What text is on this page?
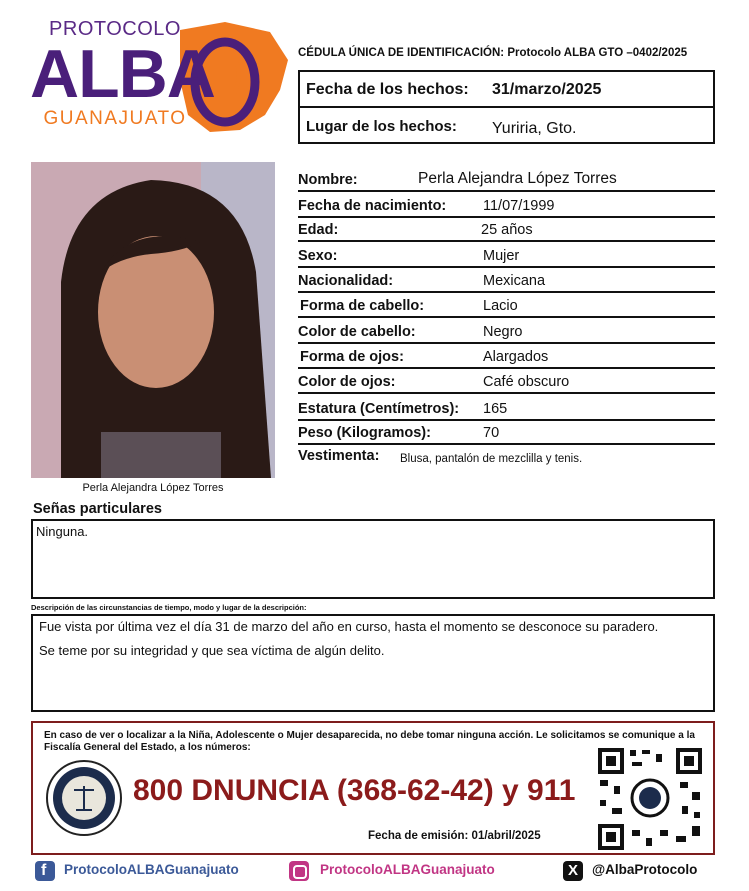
PROTOCOLO
ALBA
GUANAJUATO
CÉDULA ÚNICA DE IDENTIFICACIÓN: Protocolo ALBA GTO –0402/2025
Fecha de los hechos: 31/marzo/2025
Lugar de los hechos: Yuriria, Gto.
Perla Alejandra López Torres
Nombre:	Perla Alejandra López Torres
Fecha de nacimiento:	11/07/1999
Edad:	25 años
Sexo:	Mujer
Nacionalidad:	Mexicana
Forma de cabello:	Lacio
Color de cabello:	Negro
Forma de ojos:	Alargados
Color de ojos:	Café obscuro
Estatura (Centímetros): 165
Peso (Kilogramos):	70
Vestimenta: Blusa, pantalón de mezclilla y tenis.
Señas particulares
Ninguna.
Descripción de las circunstancias de tiempo, modo y lugar de la descripción:

Fue vista por última vez el día 31 de marzo del año en curso, hasta el momento se desconoce su paradero.

Se teme por su integridad y que sea víctima de algún delito.

En caso de ver o localizar a la Niña, Adolescente o Mujer desaparecida, no debe tomar ninguna acción. Le solicitamos se comunique a la Fiscalía General del Estado, a los números:
800 DNUNCIA (368-62-42) y 911
Fecha de emisión: 01/abril/2025
f ProtocoloALBAGuanajuato	ProtocoloALBAGuanajuato	X @AlbaProtocolo
